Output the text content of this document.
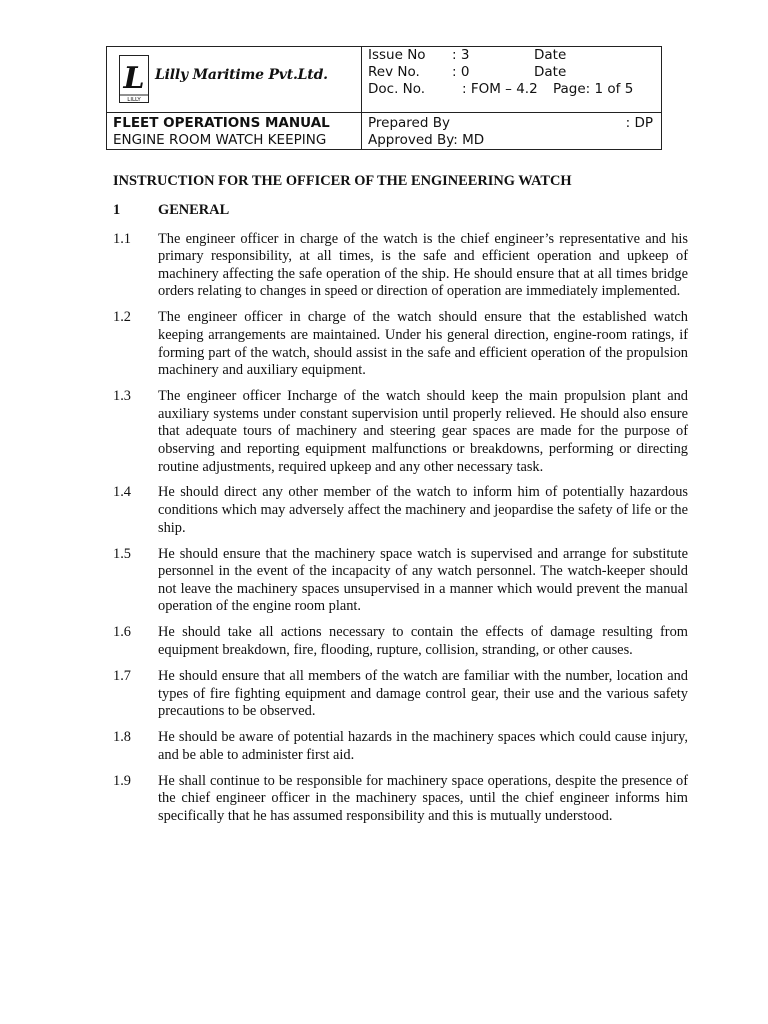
L
LILLY
Lilly Maritime Pvt.Ltd.
Issue No : 3	Date
Rev No. : 0	Date
Doc. No.	: FOM – 4.2 Page: 1 of 5
FLEET OPERATIONS MANUAL
ENGINE ROOM WATCH KEEPING
Prepared By	: DP
Approved By: MD
INSTRUCTION FOR THE OFFICER OF THE ENGINEERING WATCH
1	GENERAL
1.1 The engineer officer in charge of the watch is the chief engineer’s representative and his primary responsibility, at all times, is the safe and efficient operation and upkeep of machinery affecting the safe operation of the ship. He should ensure that at all times bridge orders relating to changes in speed or direction of operation are immediately implemented.
1.2 The engineer officer in charge of the watch should ensure that the established watch keeping arrangements are maintained. Under his general direction, engine-room ratings, if forming part of the watch, should assist in the safe and efficient operation of the propulsion machinery and auxiliary equipment.
1.3 The engineer officer Incharge of the watch should keep the main propulsion plant and auxiliary systems under constant supervision until properly relieved. He should also ensure that adequate tours of machinery and steering gear spaces are made for the purpose of observing and reporting equipment malfunctions or breakdowns, performing or directing routine adjustments, required upkeep and any other necessary task.
1.4 He should direct any other member of the watch to inform him of potentially hazardous conditions which may adversely affect the machinery and jeopardise the safety of life or the ship.
1.5 He should ensure that the machinery space watch is supervised and arrange for substitute personnel in the event of the incapacity of any watch personnel. The watch-keeper should not leave the machinery spaces unsupervised in a manner which would prevent the manual operation of the engine room plant.
1.6 He should take all actions necessary to contain the effects of damage resulting from equipment breakdown, fire, flooding, rupture, collision, stranding, or other causes.
1.7 He should ensure that all members of the watch are familiar with the number, location and types of fire fighting equipment and damage control gear, their use and the various safety precautions to be observed.
1.8 He should be aware of potential hazards in the machinery spaces which could cause injury, and be able to administer first aid.
1.9 He shall continue to be responsible for machinery space operations, despite the presence of the chief engineer officer in the machinery spaces, until the chief engineer informs him specifically that he has assumed responsibility and this is mutually understood.
